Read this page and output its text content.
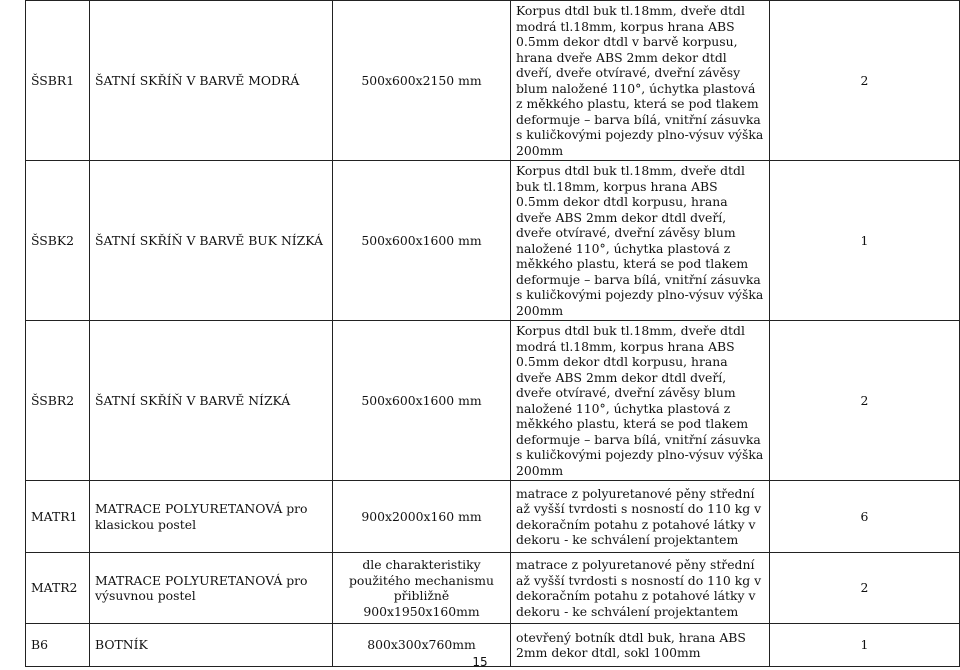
ŠSBR1	ŠATNÍ SKŘÍŇ V BARVĚ MODRÁ	500x600x2150 mm	Korpus dtdl buk tl.18mm, dveře dtdl modrá tl.18mm, korpus hrana ABS 0.5mm dekor dtdl v barvě korpusu, hrana dveře ABS 2mm dekor dtdl dveří, dveře otvíravé, dveřní závěsy blum naložené 110°, úchytka plastová z měkkého plastu, která se pod tlakem deformuje – barva bílá, vnitřní zásuvka s kuličkovými pojezdy plno-výsuv výška 200mm	2
ŠSBK2	ŠATNÍ SKŘÍŇ V BARVĚ BUK NÍZKÁ	500x600x1600 mm	Korpus dtdl buk tl.18mm, dveře dtdl buk tl.18mm, korpus hrana ABS 0.5mm dekor dtdl korpusu, hrana dveře ABS 2mm dekor dtdl dveří, dveře otvíravé, dveřní závěsy blum naložené 110°, úchytka plastová z měkkého plastu, která se pod tlakem deformuje – barva bílá, vnitřní zásuvka s kuličkovými pojezdy plno-výsuv výška 200mm	1
ŠSBR2	ŠATNÍ SKŘÍŇ V BARVĚ NÍZKÁ	500x600x1600 mm	Korpus dtdl buk tl.18mm, dveře dtdl modrá tl.18mm, korpus hrana ABS 0.5mm dekor dtdl korpusu, hrana dveře ABS 2mm dekor dtdl dveří, dveře otvíravé, dveřní závěsy blum naložené 110°, úchytka plastová z měkkého plastu, která se pod tlakem deformuje – barva bílá, vnitřní zásuvka s kuličkovými pojezdy plno-výsuv výška 200mm	2
MATR1	MATRACE POLYURETANOVÁ pro klasickou postel	900x2000x160 mm	matrace z polyuretanové pěny střední až vyšší tvrdosti s nosností do 110 kg v dekoračním potahu z potahové látky v dekoru - ke schválení projektantem	6
MATR2	MATRACE POLYURETANOVÁ pro výsuvnou postel	dle charakteristiky použitého mechanismu přibližně 900x1950x160mm	matrace z polyuretanové pěny střední až vyšší tvrdosti s nosností do 110 kg v dekoračním potahu z potahové látky v dekoru - ke schválení projektantem	2
B6	BOTNÍK	800x300x760mm	otevřený botník dtdl buk, hrana ABS 2mm dekor dtdl, sokl 100mm	1
15
